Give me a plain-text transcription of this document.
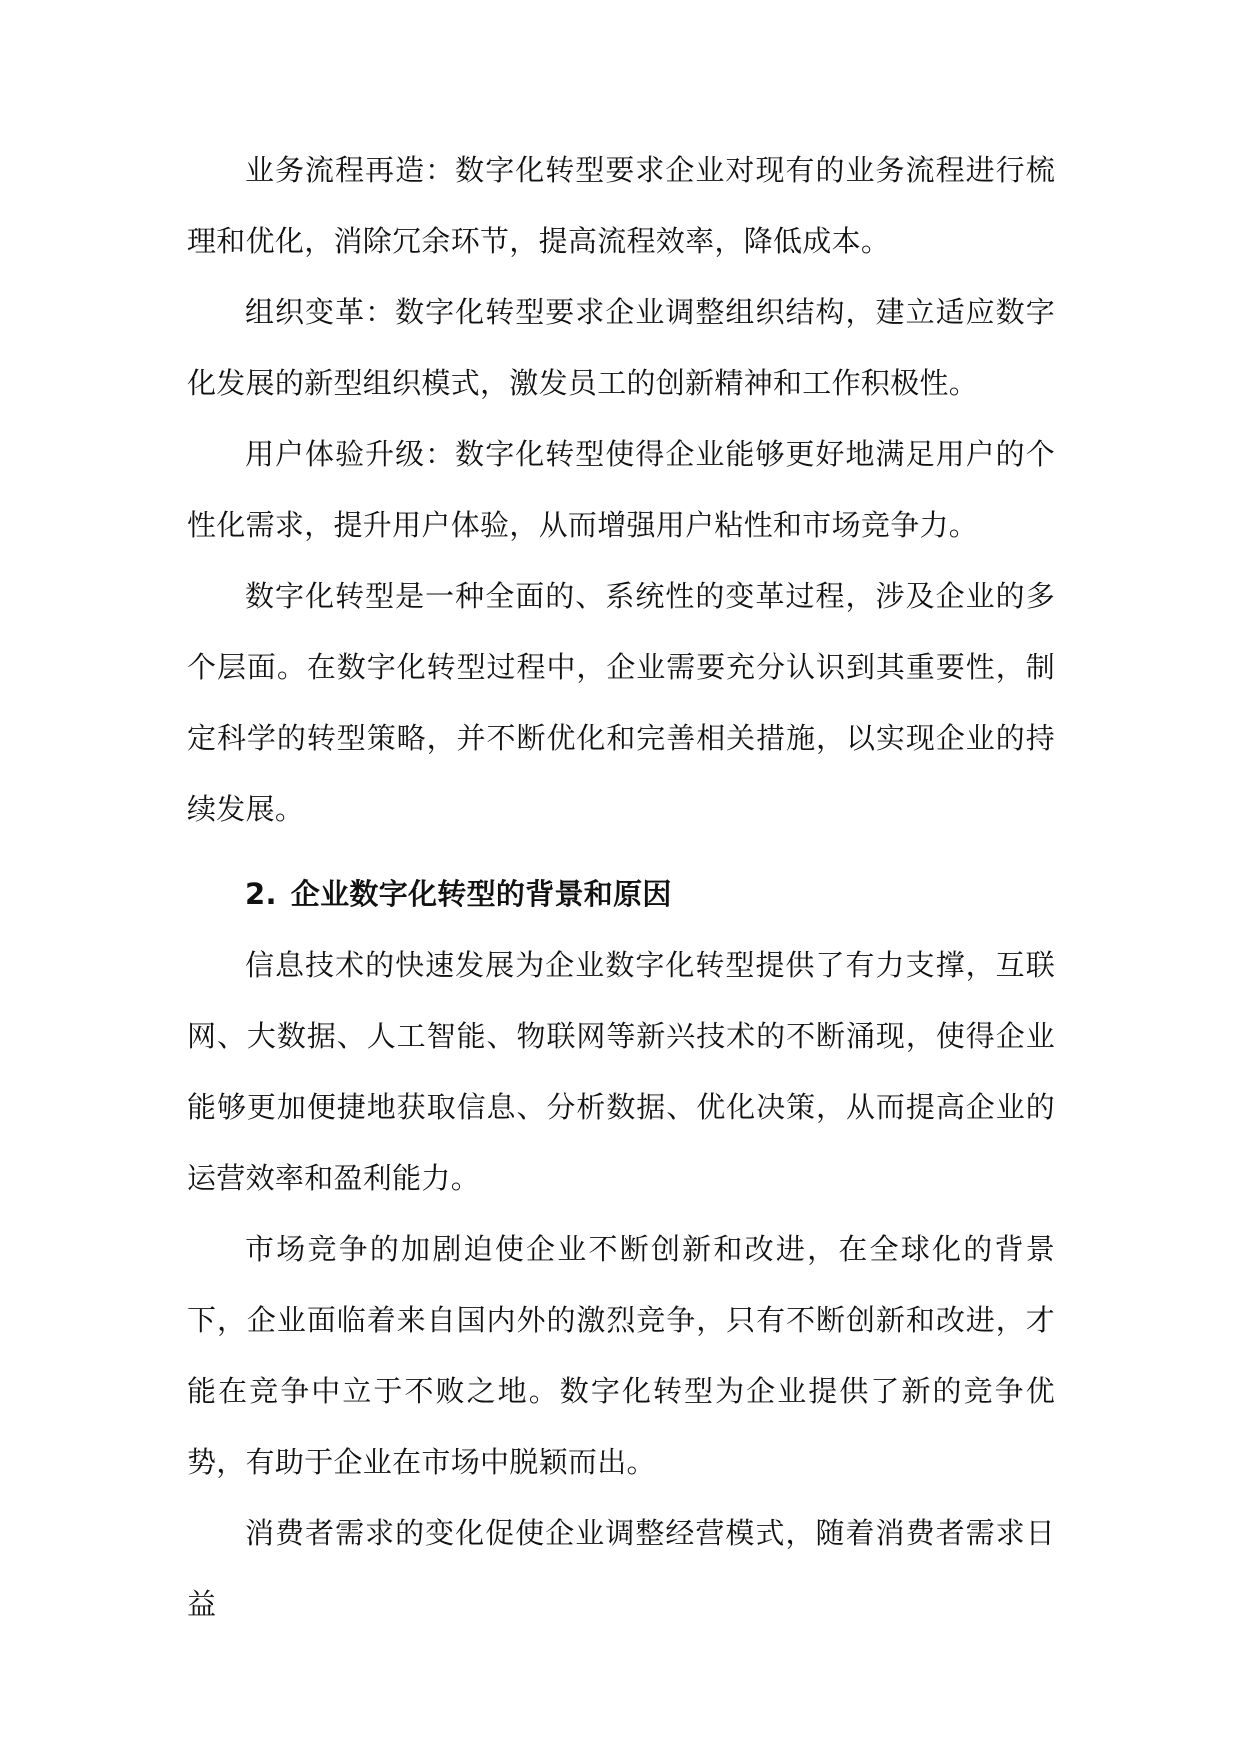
业务流程再造：数字化转型要求企业对现有的业务流程进行梳理和优化，消除冗余环节，提高流程效率，降低成本。

组织变革：数字化转型要求企业调整组织结构，建立适应数字化发展的新型组织模式，激发员工的创新精神和工作积极性。

用户体验升级：数字化转型使得企业能够更好地满足用户的个性化需求，提升用户体验，从而增强用户粘性和市场竞争力。

数字化转型是一种全面的、系统性的变革过程，涉及企业的多个层面。在数字化转型过程中，企业需要充分认识到其重要性，制定科学的转型策略，并不断优化和完善相关措施，以实现企业的持续发展。

2. 企业数字化转型的背景和原因

信息技术的快速发展为企业数字化转型提供了有力支撑，互联网、大数据、人工智能、物联网等新兴技术的不断涌现，使得企业能够更加便捷地获取信息、分析数据、优化决策，从而提高企业的运营效率和盈利能力。

市场竞争的加剧迫使企业不断创新和改进，在全球化的背景下，企业面临着来自国内外的激烈竞争，只有不断创新和改进，才能在竞争中立于不败之地。数字化转型为企业提供了新的竞争优势，有助于企业在市场中脱颖而出。

消费者需求的变化促使企业调整经营模式，随着消费者需求日益
